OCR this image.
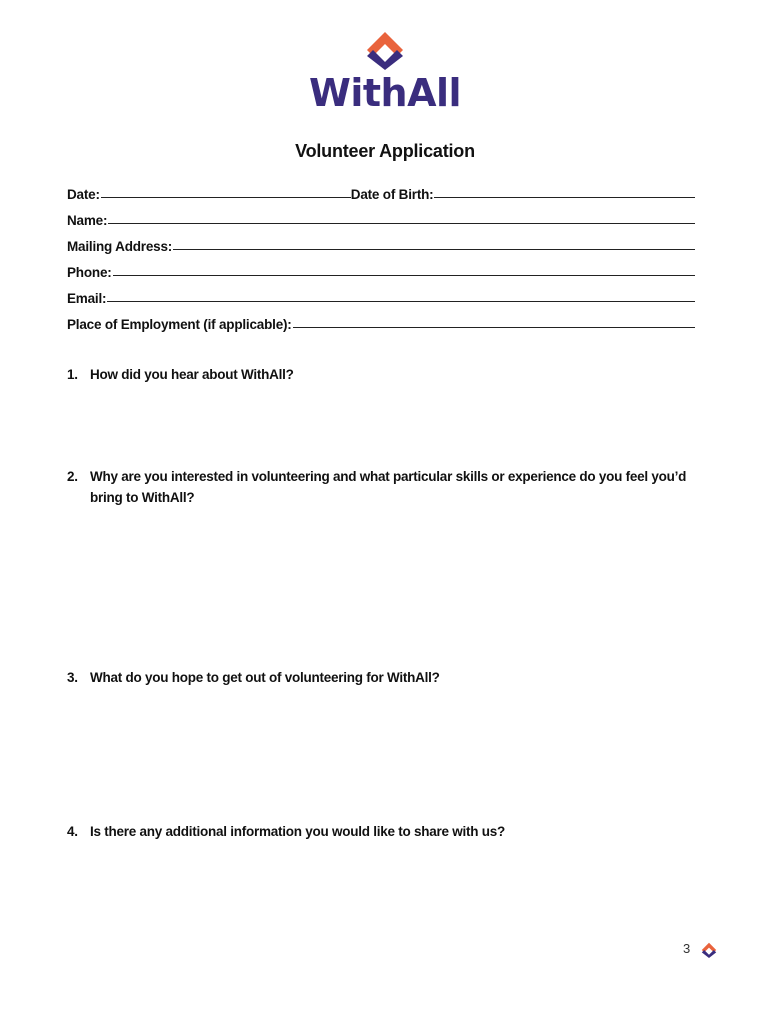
WithAll
Volunteer Application
Date:	Date of Birth:
Name:
Mailing Address:
Phone:
Email:
Place of Employment (if applicable):
1. How did you hear about WithAll?
2. Why are you interested in volunteering and what particular skills or experience do you feel you’d bring to WithAll?
3. What do you hope to get out of volunteering for WithAll?
4. Is there any additional information you would like to share with us?
3
